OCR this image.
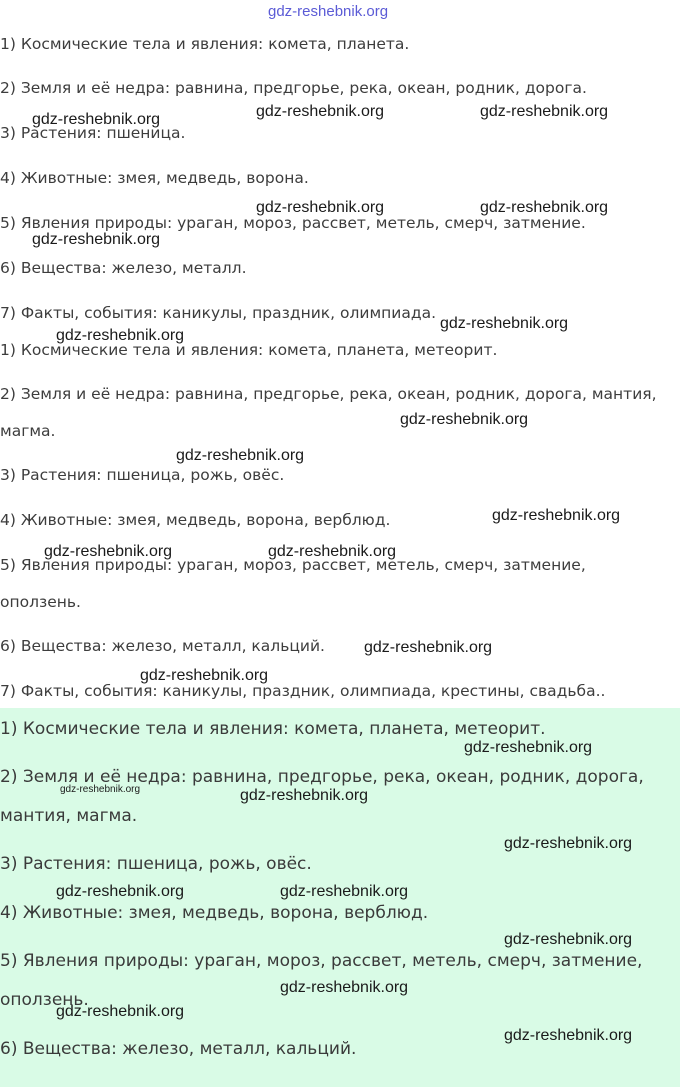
1) Космические тела и явления: комета, планета.

2) Земля и её недра: равнина, предгорье, река, океан, родник, дорога.

3) Растения: пшеница.

4) Животные: змея, медведь, ворона.

5) Явления природы: ураган, мороз, рассвет, метель, смерч, затмение.

6) Вещества: железо, металл.

7) Факты, события: каникулы, праздник, олимпиада.

1) Космические тела и явления: комета, планета, метеорит.

2) Земля и её недра: равнина, предгорье, река, океан, родник, дорога, мантия,

магма.

3) Растения: пшеница, рожь, овёс.

4) Животные: змея, медведь, ворона, верблюд.

5) Явления природы: ураган, мороз, рассвет, метель, смерч, затмение,

оползень.

6) Вещества: железо, металл, кальций.

7) Факты, события: каникулы, праздник, олимпиада, крестины, свадьба..

1) Космические тела и явления: комета, планета, метеорит.

2) Земля и её недра: равнина, предгорье, река, океан, родник, дорога,

мантия, магма.

3) Растения: пшеница, рожь, овёс.

4) Животные: змея, медведь, ворона, верблюд.

5) Явления природы: ураган, мороз, рассвет, метель, смерч, затмение,

оползень.

6) Вещества: железо, металл, кальций.

gdz-reshebnik.org
gdz-reshebnik.org	gdz-reshebnik.org	gdz-reshebnik.org
gdz-reshebnik.org	gdz-reshebnik.org
gdz-reshebnik.org
gdz-reshebnik.org
gdz-reshebnik.org
gdz-reshebnik.org
gdz-reshebnik.org
gdz-reshebnik.org
gdz-reshebnik.org	gdz-reshebnik.org
gdz-reshebnik.org
gdz-reshebnik.org
gdz-reshebnik.org
gdz-reshebnik.org	gdz-reshebnik.org
gdz-reshebnik.org
gdz-reshebnik.org	gdz-reshebnik.org
gdz-reshebnik.org
gdz-reshebnik.org
gdz-reshebnik.org
gdz-reshebnik.org
